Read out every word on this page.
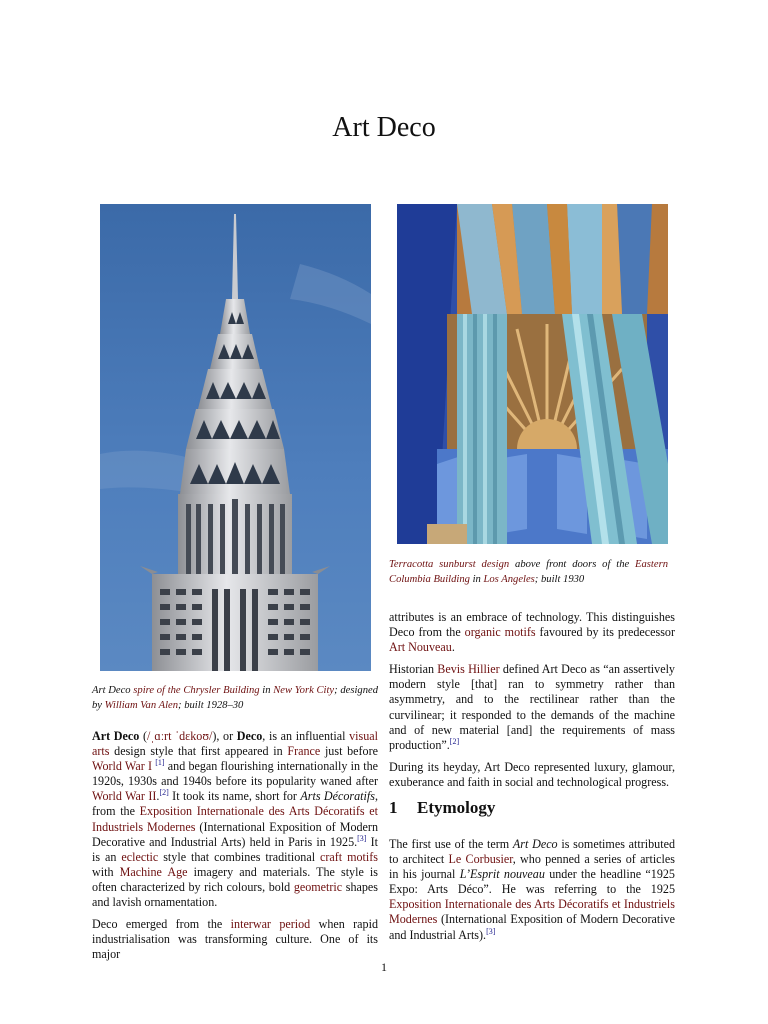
Art Deco
Art Deco spire of the Chrysler Building in New York City; designed by William Van Alen; built 1928–30
Terracotta sunburst design above front doors of the Eastern Columbia Building in Los Angeles; built 1930

Art Deco (/ˌɑːrt ˈdɛkoʊ/), or Deco, is an influential visual arts design style that first appeared in France just before World War I [1] and began flourishing internationally in the 1920s, 1930s and 1940s before its popularity waned after World War II.[2] It took its name, short for Arts Décoratifs, from the Exposition Internationale des Arts Décoratifs et Industriels Modernes (International Exposition of Modern Decorative and Industrial Arts) held in Paris in 1925.[3] It is an eclectic style that combines traditional craft motifs with Machine Age imagery and materials. The style is often characterized by rich colours, bold geometric shapes and lavish ornamentation.

Deco emerged from the interwar period when rapid industrialisation was transforming culture. One of its major

attributes is an embrace of technology. This distinguishes Deco from the organic motifs favoured by its predecessor Art Nouveau.

Historian Bevis Hillier defined Art Deco as “an assertively modern style [that] ran to symmetry rather than asymmetry, and to the rectilinear rather than the curvilinear; it responded to the demands of the machine and of new material [and] the requirements of mass production”.[2]

During its heyday, Art Deco represented luxury, glamour, exuberance and faith in social and technological progress.

1 Etymology

The first use of the term Art Deco is sometimes attributed to architect Le Corbusier, who penned a series of articles in his journal L’Esprit nouveau under the headline “1925 Expo: Arts Déco”. He was referring to the 1925 Exposition Internationale des Arts Décoratifs et Industriels Modernes (International Exposition of Modern Decorative and Industrial Arts).[3]

1
